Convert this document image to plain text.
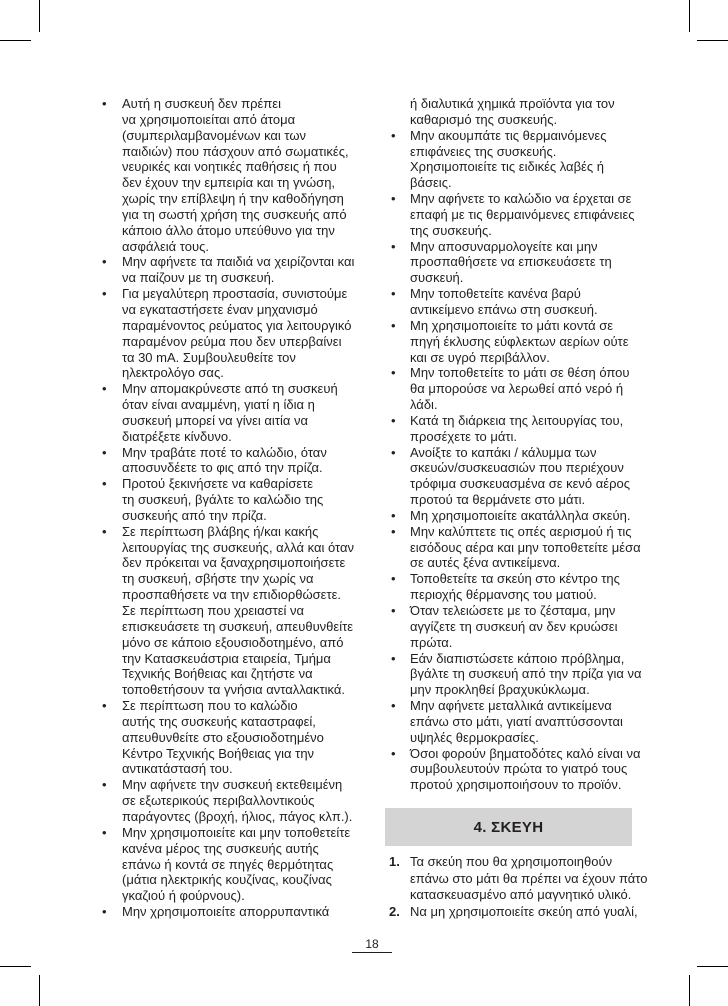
• Αυτή η συσκευή δεν πρέπει
να χρησιμοποιείται από άτομα
(συμπεριλαμβανομένων και των
παιδιών) που πάσχουν από σωματικές,
νευρικές και νοητικές παθήσεις ή που
δεν έχουν την εμπειρία και τη γνώση,
χωρίς την επίβλεψη ή την καθοδήγηση
για τη σωστή χρήση της συσκευής από
κάποιο άλλο άτομο υπεύθυνο για την
ασφάλειά τους.
• Μην αφήνετε τα παιδιά να χειρίζονται και
να παίζουν με τη συσκευή.
• Για μεγαλύτερη προστασία, συνιστούμε
να εγκαταστήσετε έναν μηχανισμό
παραμένοντος ρεύματος για λειτουργικό
παραμένον ρεύμα που δεν υπερβαίνει
τα 30 mA. Συμβουλευθείτε τον
ηλεκτρολόγο σας.
• Μην απομακρύνεστε από τη συσκευή
όταν είναι αναμμένη, γιατί η ίδια η
συσκευή μπορεί να γίνει αιτία να
διατρέξετε κίνδυνο.
• Μην τραβάτε ποτέ το καλώδιο, όταν
αποσυνδέετε το φις από την πρίζα.
• Προτού ξεκινήσετε να καθαρίσετε
τη συσκευή, βγάλτε το καλώδιο της
συσκευής από την πρίζα.
• Σε περίπτωση βλάβης ή/και κακής
λειτουργίας της συσκευής, αλλά και όταν
δεν πρόκειται να ξαναχρησιμοποιήσετε
τη συσκευή, σβήστε την χωρίς να
προσπαθήσετε να την επιδιορθώσετε.
Σε περίπτωση που χρειαστεί να
επισκευάσετε τη συσκευή, απευθυνθείτε
μόνο σε κάποιο εξουσιοδοτημένο, από
την Κατασκευάστρια εταιρεία, Τμήμα
Τεχνικής Βοήθειας και ζητήστε να
τοποθετήσουν τα γνήσια ανταλλακτικά.
• Σε περίπτωση που το καλώδιο
αυτής της συσκευής καταστραφεί,
απευθυνθείτε στο εξουσιοδοτημένο
Κέντρο Τεχνικής Βοήθειας για την
αντικατάστασή του.
• Μην αφήνετε την συσκευή εκτεθειμένη
σε εξωτερικούς περιβαλλοντικούς
παράγοντες (βροχή, ήλιος, πάγος κλπ.).
• Μην χρησιμοποιείτε και μην τοποθετείτε
κανένα μέρος της συσκευής αυτής
επάνω ή κοντά σε πηγές θερμότητας
(μάτια ηλεκτρικής κουζίνας, κουζίνας
γκαζιού ή φούρνους).
• Μην χρησιμοποιείτε απορρυπαντικά
ή διαλυτικά χημικά προϊόντα για τον
καθαρισμό της συσκευής.
• Μην ακουμπάτε τις θερμαινόμενες
επιφάνειες της συσκευής.
Χρησιμοποιείτε τις ειδικές λαβές ή
βάσεις.
• Μην αφήνετε το καλώδιο να έρχεται σε
επαφή με τις θερμαινόμενες επιφάνειες
της συσκευής.
• Μην αποσυναρμολογείτε και μην
προσπαθήσετε να επισκευάσετε τη
συσκευή.
• Μην τοποθετείτε κανένα βαρύ
αντικείμενο επάνω στη συσκευή.
• Μη χρησιμοποιείτε το μάτι κοντά σε
πηγή έκλυσης εύφλεκτων αερίων ούτε
και σε υγρό περιβάλλον.
• Μην τοποθετείτε το μάτι σε θέση όπου
θα μπορούσε να λερωθεί από νερό ή
λάδι.
• Κατά τη διάρκεια της λειτουργίας του,
προσέχετε το μάτι.
• Ανοίξτε το καπάκι / κάλυμμα των
σκευών/συσκευασιών που περιέχουν
τρόφιμα συσκευασμένα σε κενό αέρος
προτού τα θερμάνετε στο μάτι.
• Μη χρησιμοποιείτε ακατάλληλα σκεύη.
• Μην καλύπτετε τις οπές αερισμού ή τις
εισόδους αέρα και μην τοποθετείτε μέσα
σε αυτές ξένα αντικείμενα.
• Τοποθετείτε τα σκεύη στο κέντρο της
περιοχής θέρμανσης του ματιού.
• Όταν τελειώσετε με το ζέσταμα, μην
αγγίζετε τη συσκευή αν δεν κρυώσει
πρώτα.
• Εάν διαπιστώσετε κάποιο πρόβλημα,
βγάλτε τη συσκευή από την πρίζα για να
μην προκληθεί βραχυκύκλωμα.
• Μην αφήνετε μεταλλικά αντικείμενα
επάνω στο μάτι, γιατί αναπτύσσονται
υψηλές θερμοκρασίες.
• Όσοι φορούν βηματοδότες καλό είναι να
συμβουλευτούν πρώτα το γιατρό τους
προτού χρησιμοποιήσουν το προϊόν.
4. ΣΚΕΥΗ
1. Τα σκεύη που θα χρησιμοποιηθούν
επάνω στο μάτι θα πρέπει να έχουν πάτο
κατασκευασμένο από μαγνητικό υλικό.
2. Να μη χρησιμοποιείτε σκεύη από γυαλί,
18
